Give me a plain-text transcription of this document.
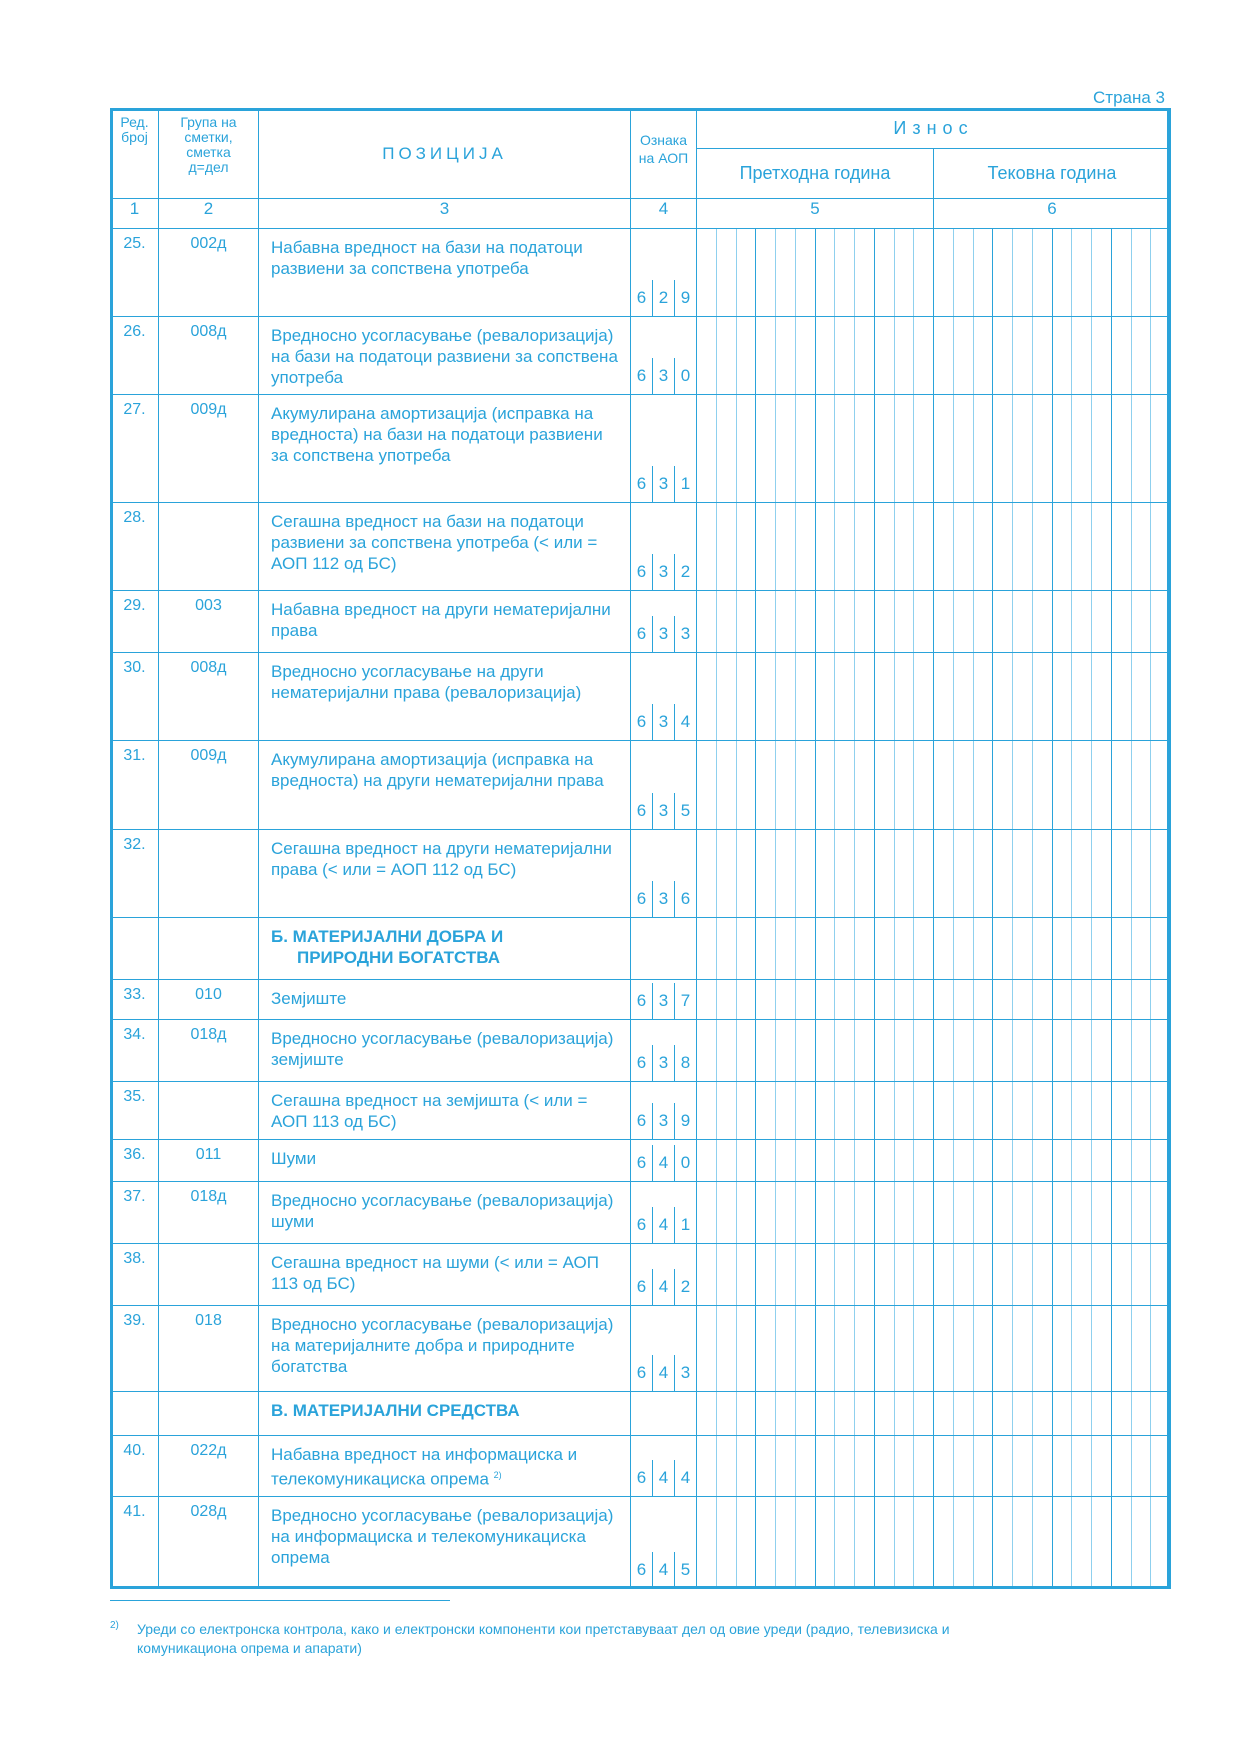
Страна 3
Ред. број	Група на сметки, сметка д=дел	ПОЗИЦИЈА	Ознака на АОП	Износ	
				Претходна година	Тековна година
1	2	3	4	5	6
25.	002д	Набавна вредност на бази на податоци развиени за сопствена употреба	6 2 9		

26.	008д	Вредносно усогласување (ревалоризација) на бази на податоци развиени за сопствена употреба	6 3 0		

27.	009д	Акумулирана амортизација (исправка на вредноста) на бази на податоци развиени за сопствена употреба	6 3 1		

28.		Сегашна вредност на бази на податоци развиени за сопствена употреба (< или = АОП 112 од БС)	6 3 2		

29.	003	Набавна вредност на други нематеријални права	6 3 3		

30.	008д	Вредносно усогласување на други нематеријални права (ревалоризација)	6 3 4		

31.	009д	Акумулирана амортизација (исправка на вредноста) на други нематеријални права	6 3 5		

32.		Сегашна вредност на други нематеријални права (< или = АОП 112 од БС)	6 3 6		

		Б. МАТЕРИЈАЛНИ ДОБРА И
ПРИРОДНИ БОГАТСТВА			

33.	010	Земјиште	6 3 7		

34.	018д	Вредносно усогласување (ревалоризација) земјиште	6 3 8		

35.		Сегашна вредност на земјишта (< или = АОП 113 од БС)	6 3 9		

36.	011	Шуми	6 4 0		

37.	018д	Вредносно усогласување (ревалоризација) шуми	6 4 1		

38.		Сегашна вредност на шуми (< или = АОП 113 од БС)	6 4 2		

39.	018	Вредносно усогласување (ревалоризација) на материјалните добра и природните богатства	6 4 3		

		В. МАТЕРИЈАЛНИ СРЕДСТВА		

40.	022д	Набавна вредност на информациска и телекомуникациска опрема $^{2)}$	6 4 4		

41.	028д	Вредносно усогласување (ревалоризација) на информациска и телекомуникациска опрема	6 4 5		

2) Уреди со електронска контрола, како и електронски компоненти кои претставуваат дел од овие уреди (радио, телевизиска и комуникациона опрема и апарати)
